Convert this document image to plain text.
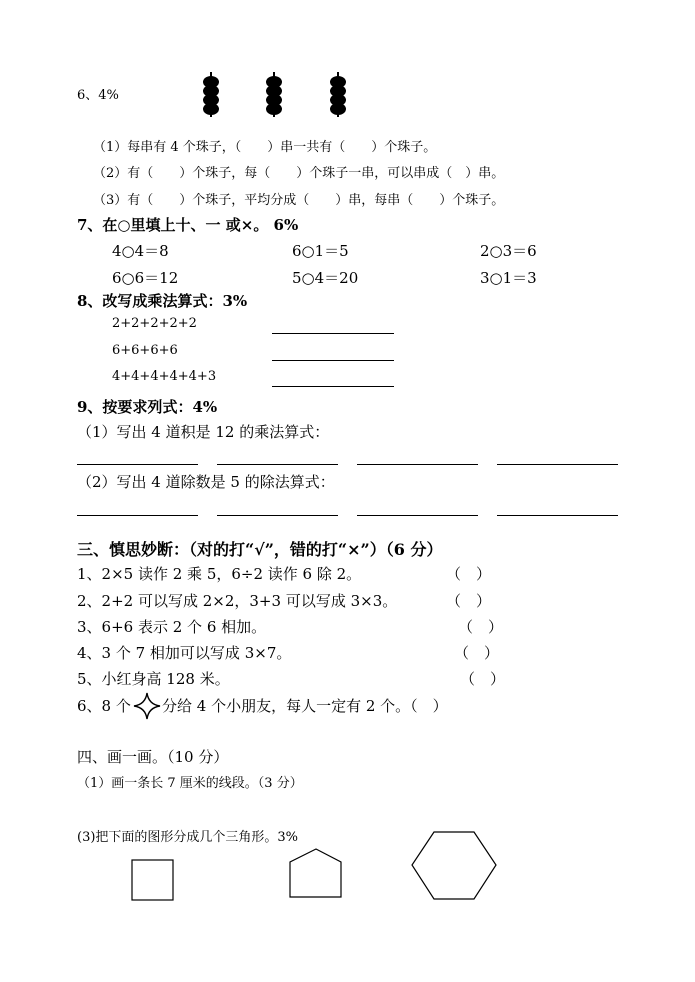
6、4%
（1）每串有 4 个珠子，（　　）串一共有（　　）个珠子。
（2）有（　　）个珠子，每（　　）个珠子一串，可以串成（　）串。
（3）有（　　）个珠子，平均分成（　　）串，每串（　　）个珠子。
7、在○里填上十、一 或×。 6%
4○4＝8	6○1＝5	2○3＝6
6○6＝12	5○4＝20	3○1＝3
8、改写成乘法算式：3%
2+2+2+2+2
6+6+6+6
4+4+4+4+4+3
9、按要求列式：4%
（1）写出 4 道积是 12 的乘法算式：
（2）写出 4 道除数是 5 的除法算式：
三、慎思妙断：（对的打“√”，错的打“×”）（6 分）
1、2×5 读作 2 乘 5，6÷2 读作 6 除 2。	（　）
2、2+2 可以写成 2×2，3+3 可以写成 3×3。	（　）
3、6+6 表示 2 个 6 相加。	（　）
4、3 个 7 相加可以写成 3×7。	（　）
5、小红身高 128 米。	（　）
6、8 个 分给 4 个小朋友，每人一定有 2 个。（　）
四、画一画。（10 分）
（1）画一条长 7 厘米的线段。（3 分）
(3)把下面的图形分成几个三角形。3%
